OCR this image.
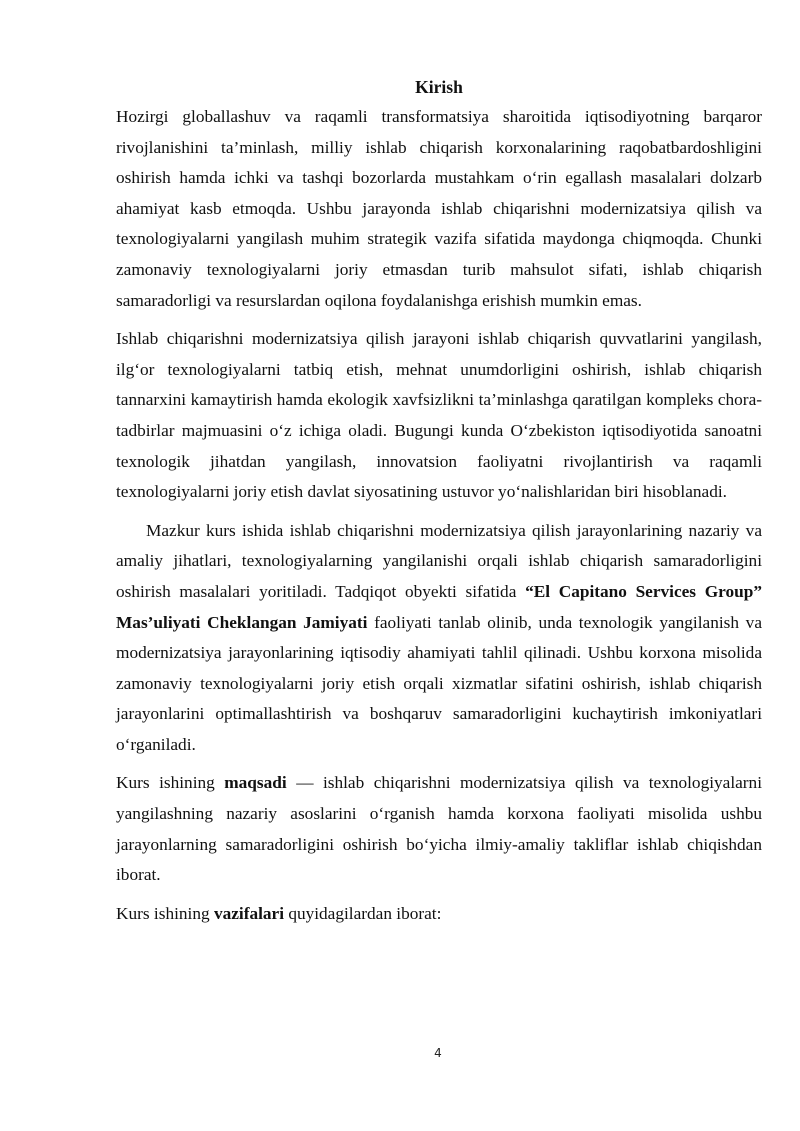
Kirish

Hozirgi globallashuv va raqamli transformatsiya sharoitida iqtisodiyotning barqaror rivojlanishini ta’minlash, milliy ishlab chiqarish korxonalarining raqobatbardoshligini oshirish hamda ichki va tashqi bozorlarda mustahkam o‘rin egallash masalalari dolzarb ahamiyat kasb etmoqda. Ushbu jarayonda ishlab chiqarishni modernizatsiya qilish va texnologiyalarni yangilash muhim strategik vazifa sifatida maydonga chiqmoqda. Chunki zamonaviy texnologiyalarni joriy etmasdan turib mahsulot sifati, ishlab chiqarish samaradorligi va resurslardan oqilona foydalanishga erishish mumkin emas.

Ishlab chiqarishni modernizatsiya qilish jarayoni ishlab chiqarish quvvatlarini yangilash, ilg‘or texnologiyalarni tatbiq etish, mehnat unumdorligini oshirish, ishlab chiqarish tannarxini kamaytirish hamda ekologik xavfsizlikni ta’minlashga qaratilgan kompleks chora-tadbirlar majmuasini o‘z ichiga oladi. Bugungi kunda O‘zbekiston iqtisodiyotida sanoatni texnologik jihatdan yangilash, innovatsion faoliyatni rivojlantirish va raqamli texnologiyalarni joriy etish davlat siyosatining ustuvor yo‘nalishlaridan biri hisoblanadi.

Mazkur kurs ishida ishlab chiqarishni modernizatsiya qilish jarayonlarining nazariy va amaliy jihatlari, texnologiyalarning yangilanishi orqali ishlab chiqarish samaradorligini oshirish masalalari yoritiladi. Tadqiqot obyekti sifatida “El Capitano Services Group” Mas’uliyati Cheklangan Jamiyati faoliyati tanlab olinib, unda texnologik yangilanish va modernizatsiya jarayonlarining iqtisodiy ahamiyati tahlil qilinadi. Ushbu korxona misolida zamonaviy texnologiyalarni joriy etish orqali xizmatlar sifatini oshirish, ishlab chiqarish jarayonlarini optimallashtirish va boshqaruv samaradorligini kuchaytirish imkoniyatlari o‘rganiladi.

Kurs ishining maqsadi — ishlab chiqarishni modernizatsiya qilish va texnologiyalarni yangilashning nazariy asoslarini o‘rganish hamda korxona faoliyati misolida ushbu jarayonlarning samaradorligini oshirish bo‘yicha ilmiy-amaliy takliflar ishlab chiqishdan iborat.

Kurs ishining vazifalari quyidagilardan iborat:

4
